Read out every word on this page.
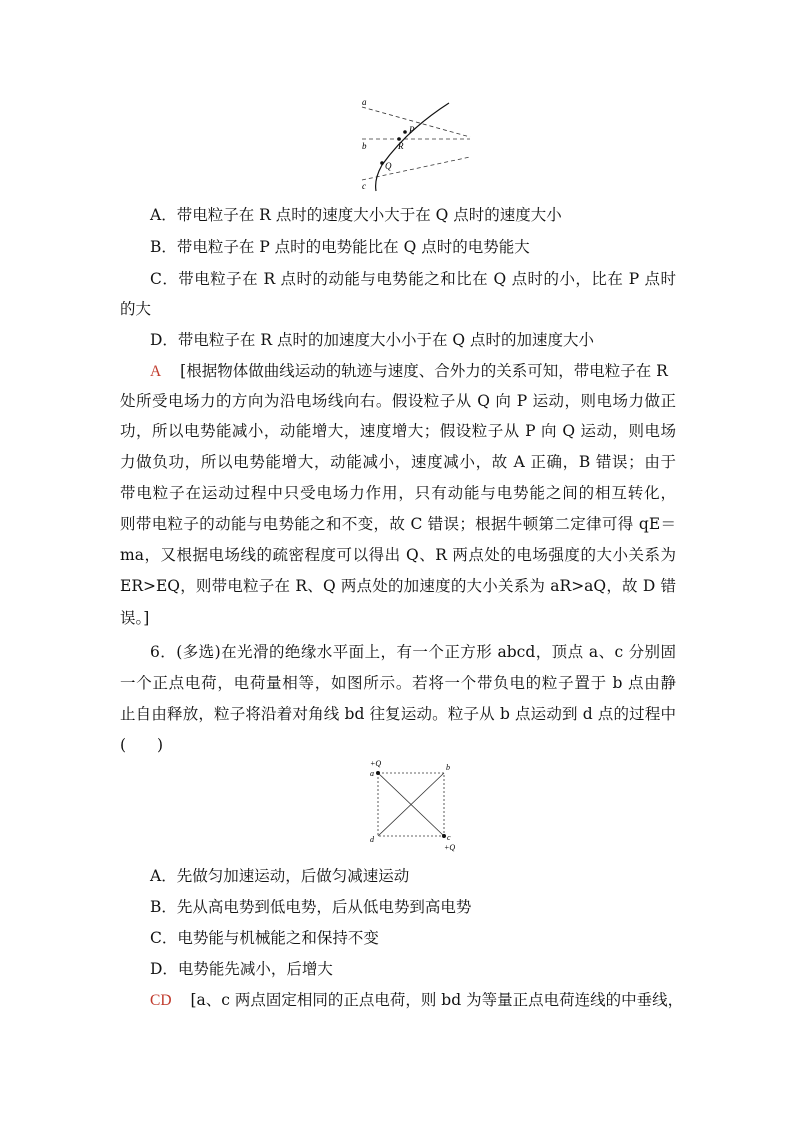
a
b
c
P
R
Q
A．带电粒子在 R 点时的速度大小大于在 Q 点时的速度大小
B．带电粒子在 P 点时的电势能比在 Q 点时的电势能大
C．带电粒子在 R 点时的动能与电势能之和比在 Q 点时的小，比在 P 点时
的大
D．带电粒子在 R 点时的加速度大小小于在 Q 点时的加速度大小
A [根据物体做曲线运动的轨迹与速度、合外力的关系可知，带电粒子在 R
处所受电场力的方向为沿电场线向右。假设粒子从 Q 向 P 运动，则电场力做正
功，所以电势能减小，动能增大，速度增大；假设粒子从 P 向 Q 运动，则电场
力做负功，所以电势能增大，动能减小，速度减小，故 A 正确，B 错误；由于
带电粒子在运动过程中只受电场力作用，只有动能与电势能之间的相互转化，
则带电粒子的动能与电势能之和不变，故 C 错误；根据牛顿第二定律可得 qE＝
ma，又根据电场线的疏密程度可以得出 Q、R 两点处的电场强度的大小关系为
ER>EQ，则带电粒子在 R、Q 两点处的加速度的大小关系为 aR>aQ，故 D 错
误。]
6．(多选)在光滑的绝缘水平面上，有一个正方形 abcd，顶点 a、c 分别固
一个正点电荷，电荷量相等，如图所示。若将一个带负电的粒子置于 b 点由静
止自由释放，粒子将沿着对角线 bd 往复运动。粒子从 b 点运动到 d 点的过程中
(　　)
+Q
a
b
c
+Q
d
A．先做匀加速运动，后做匀减速运动
B．先从高电势到低电势，后从低电势到高电势
C．电势能与机械能之和保持不变
D．电势能先减小，后增大
CD [a、c 两点固定相同的正点电荷，则 bd 为等量正点电荷连线的中垂线，
